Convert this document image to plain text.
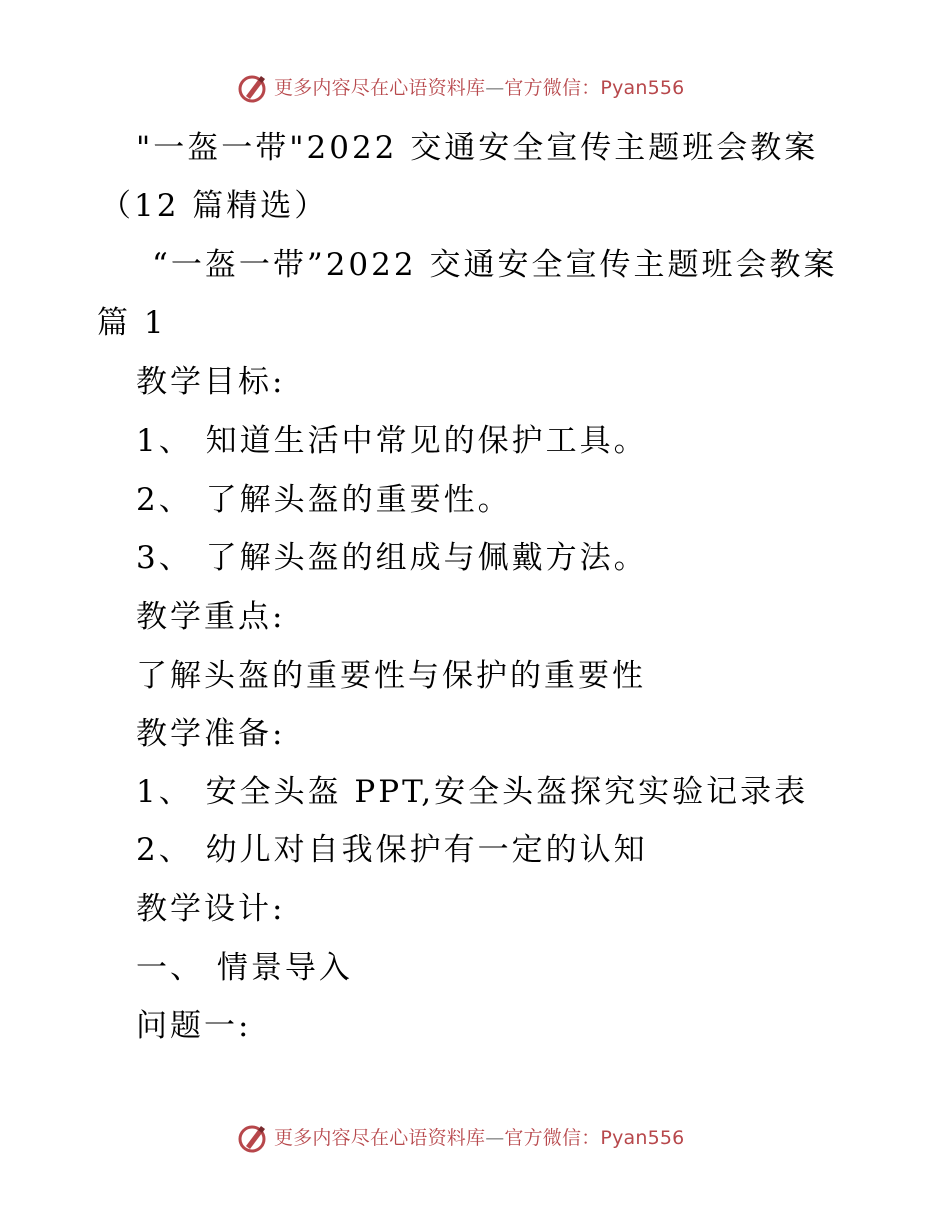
更多内容尽在心语资料库—官方微信：Pyan556
"一盔一带"2022 交通安全宣传主题班会教案
（12 篇精选）
“一盔一带”2022 交通安全宣传主题班会教案
篇 1
教学目标:
1、 知道生活中常见的保护工具。
2、 了解头盔的重要性。
3、 了解头盔的组成与佩戴方法。
教学重点:
了解头盔的重要性与保护的重要性
教学准备:
1、 安全头盔 PPT,安全头盔探究实验记录表
2、 幼儿对自我保护有一定的认知
教学设计:
一、 情景导入
问题一:
更多内容尽在心语资料库—官方微信：Pyan556
